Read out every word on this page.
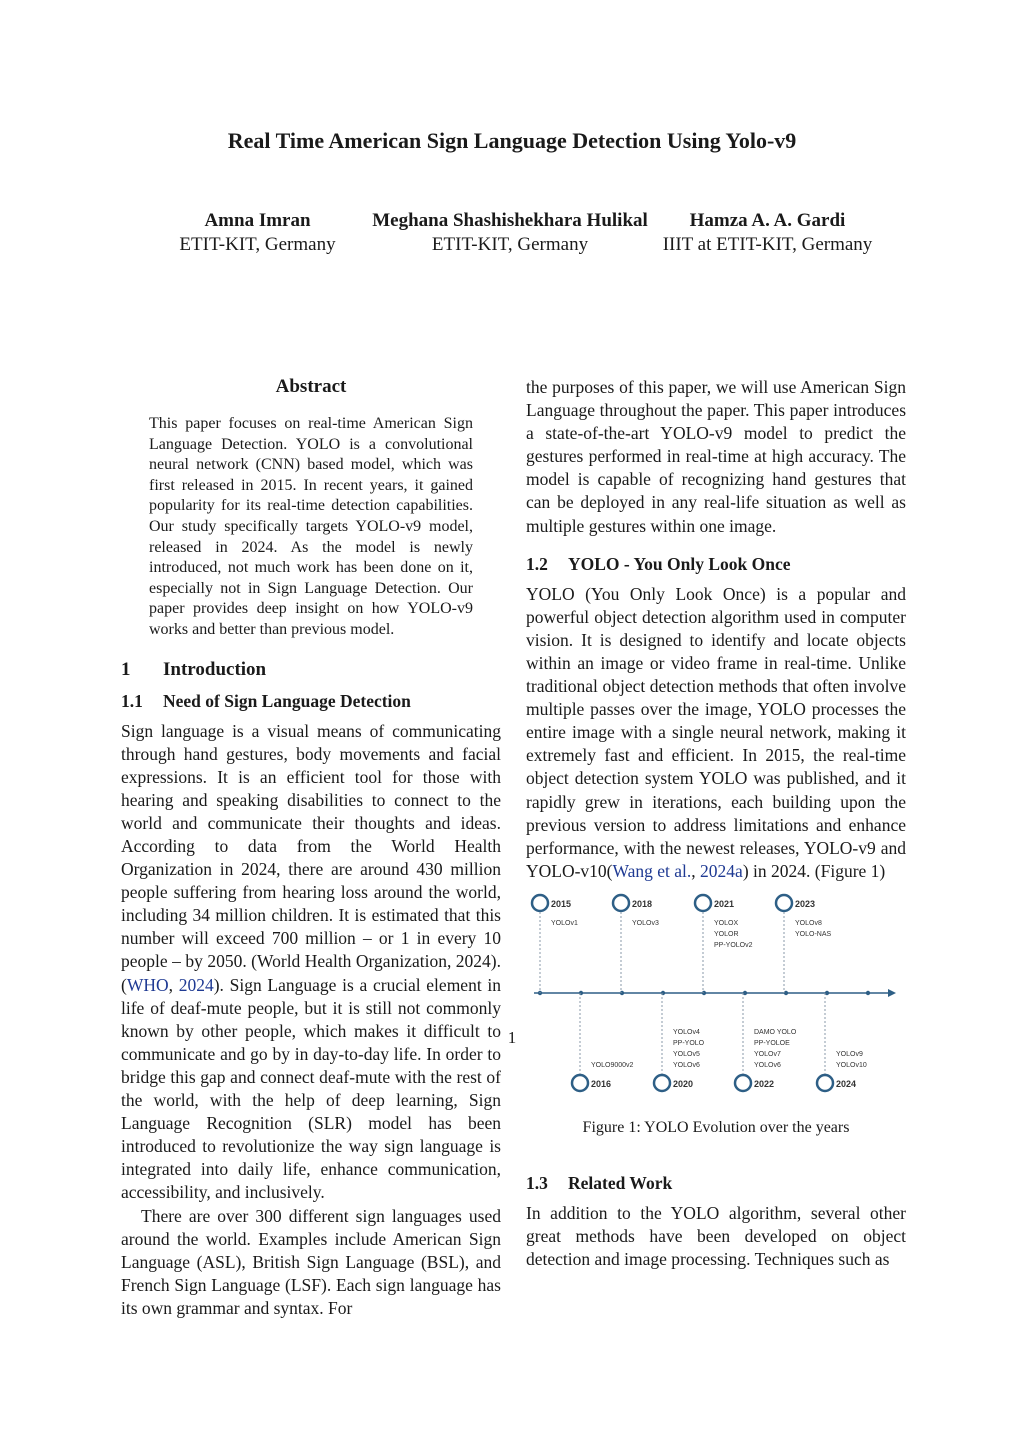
Real Time American Sign Language Detection Using Yolo-v9
Amna Imran
ETIT-KIT, Germany
Meghana Shashishekhara Hulikal
ETIT-KIT, Germany
Hamza A. A. Gardi
IIIT at ETIT-KIT, Germany
Abstract

This paper focuses on real-time American Sign Language Detection. YOLO is a convolutional neural network (CNN) based model, which was first released in 2015. In recent years, it gained popularity for its real-time detection capabilities. Our study specifically targets YOLO-v9 model, released in 2024. As the model is newly introduced, not much work has been done on it, especially not in Sign Language Detection. Our paper provides deep insight on how YOLO-v9 works and better than previous model.

1 Introduction
1.1 Need of Sign Language Detection

Sign language is a visual means of communicating through hand gestures, body movements and facial expressions. It is an efficient tool for those with hearing and speaking disabilities to connect to the world and communicate their thoughts and ideas. According to data from the World Health Organization in 2024, there are around 430 million people suffering from hearing loss around the world, including 34 million children. It is estimated that this number will exceed 700 million – or 1 in every 10 people – by 2050. (World Health Organization, 2024). (WHO, 2024). Sign Language is a crucial element in life of deaf-mute people, but it is still not commonly known by other people, which makes it difficult to communicate and go by in day-to-day life. In order to bridge this gap and connect deaf-mute with the rest of the world, with the help of deep learning, Sign Language Recognition (SLR) model has been introduced to revolutionize the way sign language is integrated into daily life, enhance communication, accessibility, and inclusively.

There are over 300 different sign languages used around the world. Examples include American Sign Language (ASL), British Sign Language (BSL), and French Sign Language (LSF). Each sign language has its own grammar and syntax. For

the purposes of this paper, we will use American Sign Language throughout the paper. This paper introduces a state-of-the-art YOLO-v9 model to predict the gestures performed in real-time at high accuracy. The model is capable of recognizing hand gestures that can be deployed in any real-life situation as well as multiple gestures within one image.

1.2 YOLO - You Only Look Once

YOLO (You Only Look Once) is a popular and powerful object detection algorithm used in computer vision. It is designed to identify and locate objects within an image or video frame in real-time. Unlike traditional object detection methods that often involve multiple passes over the image, YOLO processes the entire image with a single neural network, making it extremely fast and efficient. In 2015, the real-time object detection system YOLO was published, and it rapidly grew in iterations, each building upon the previous version to address limitations and enhance performance, with the newest releases, YOLO-v9 and YOLO-v10(Wang et al., 2024a) in 2024. (Figure 1)

2015
YOLOv1
2018
YOLOv3
2021
YOLOX
YOLOR
PP-YOLOv2
2023
YOLOv8
YOLO-NAS
2016
YOLO9000v2
2020
YOLOv4
PP-YOLO
YOLOv5
YOLOv6
2022
DAMO YOLO
PP-YOLOE
YOLOv7
YOLOv6
2024
YOLOv9
YOLOv10
Figure 1: YOLO Evolution over the years
1.3 Related Work

In addition to the YOLO algorithm, several other great methods have been developed on object detection and image processing. Techniques such as

1
